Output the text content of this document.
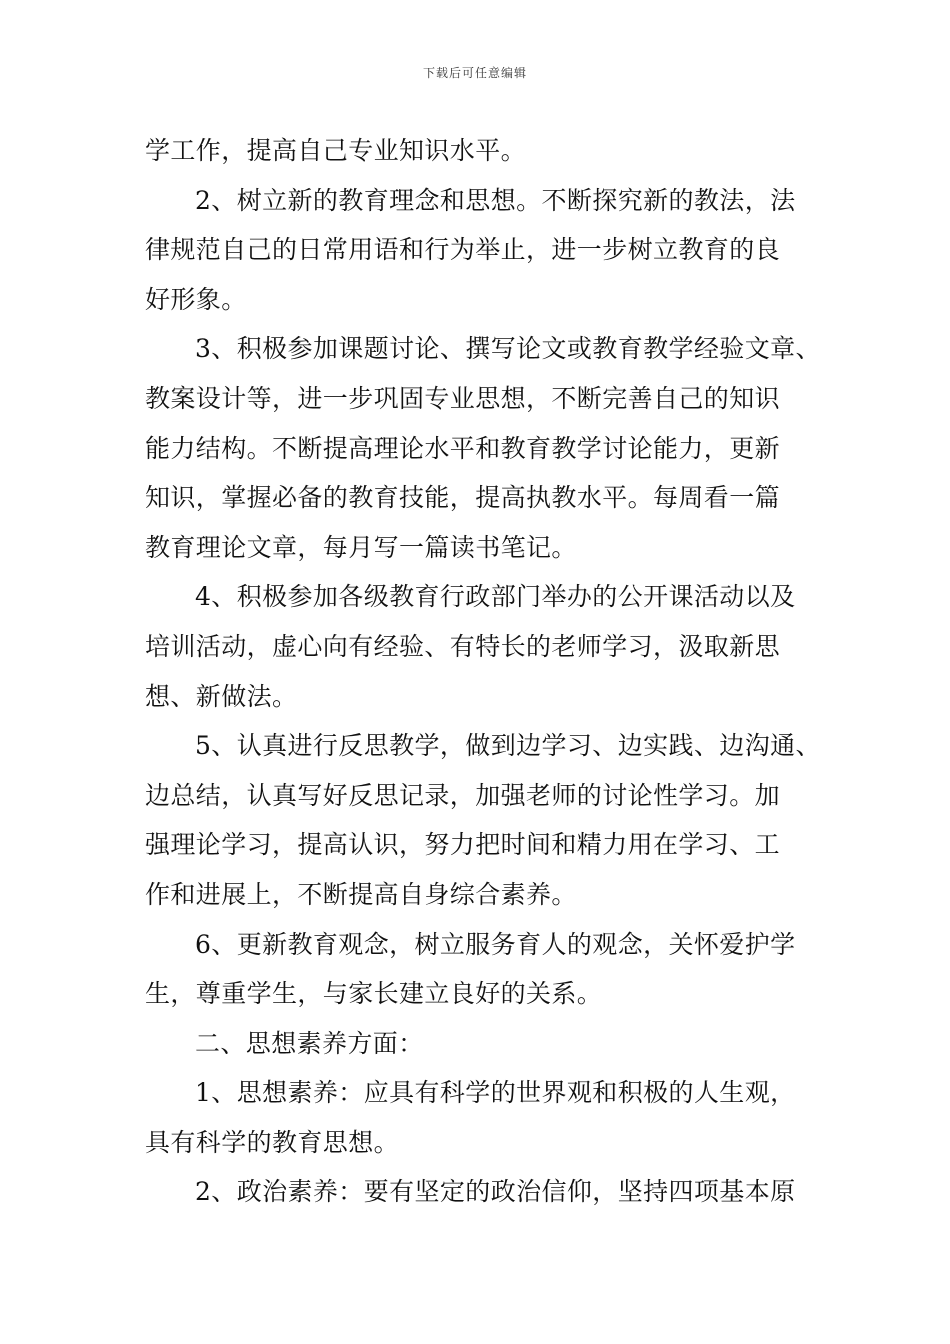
下载后可任意编辑
学工作，提高自己专业知识水平。
2、树立新的教育理念和思想。不断探究新的教法，法
律规范自己的日常用语和行为举止，进一步树立教育的良
好形象。
3、积极参加课题讨论、撰写论文或教育教学经验文章、
教案设计等，进一步巩固专业思想，不断完善自己的知识
能力结构。不断提高理论水平和教育教学讨论能力，更新
知识，掌握必备的教育技能，提高执教水平。每周看一篇
教育理论文章，每月写一篇读书笔记。
4、积极参加各级教育行政部门举办的公开课活动以及
培训活动，虚心向有经验、有特长的老师学习，汲取新思
想、新做法。
5、认真进行反思教学，做到边学习、边实践、边沟通、
边总结，认真写好反思记录，加强老师的讨论性学习。加
强理论学习，提高认识，努力把时间和精力用在学习、工
作和进展上，不断提高自身综合素养。
6、更新教育观念，树立服务育人的观念，关怀爱护学
生，尊重学生，与家长建立良好的关系。
二、思想素养方面：
1、思想素养：应具有科学的世界观和积极的人生观，
具有科学的教育思想。
2、政治素养：要有坚定的政治信仰，坚持四项基本原
